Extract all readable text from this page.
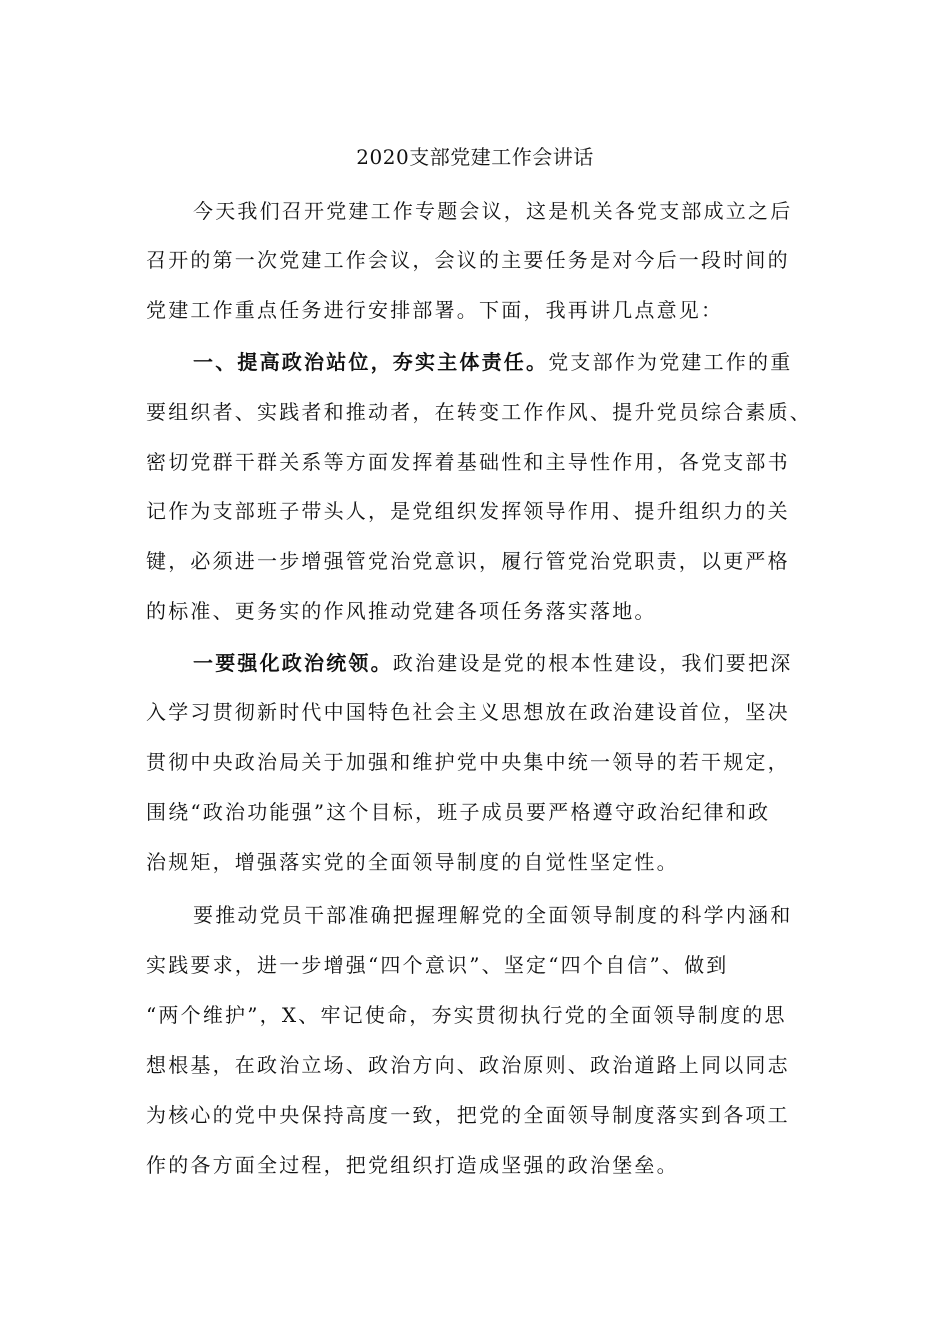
2020支部党建工作会讲话
今天我们召开党建工作专题会议，这是机关各党支部成立之后
召开的第一次党建工作会议，会议的主要任务是对今后一段时间的
党建工作重点任务进行安排部署。下面，我再讲几点意见：
一、提高政治站位，夯实主体责任。党支部作为党建工作的重
要组织者、实践者和推动者，在转变工作作风、提升党员综合素质、
密切党群干群关系等方面发挥着基础性和主导性作用，各党支部书
记作为支部班子带头人，是党组织发挥领导作用、提升组织力的关
键，必须进一步增强管党治党意识，履行管党治党职责，以更严格
的标准、更务实的作风推动党建各项任务落实落地。
一要强化政治统领。政治建设是党的根本性建设，我们要把深
入学习贯彻新时代中国特色社会主义思想放在政治建设首位，坚决
贯彻中央政治局关于加强和维护党中央集中统一领导的若干规定，
围绕“政治功能强”这个目标，班子成员要严格遵守政治纪律和政
治规矩，增强落实党的全面领导制度的自觉性坚定性。
要推动党员干部准确把握理解党的全面领导制度的科学内涵和
实践要求，进一步增强“四个意识”、坚定“四个自信”、做到
“两个维护”，X、牢记使命，夯实贯彻执行党的全面领导制度的思
想根基，在政治立场、政治方向、政治原则、政治道路上同以同志
为核心的党中央保持高度一致，把党的全面领导制度落实到各项工
作的各方面全过程，把党组织打造成坚强的政治堡垒。
